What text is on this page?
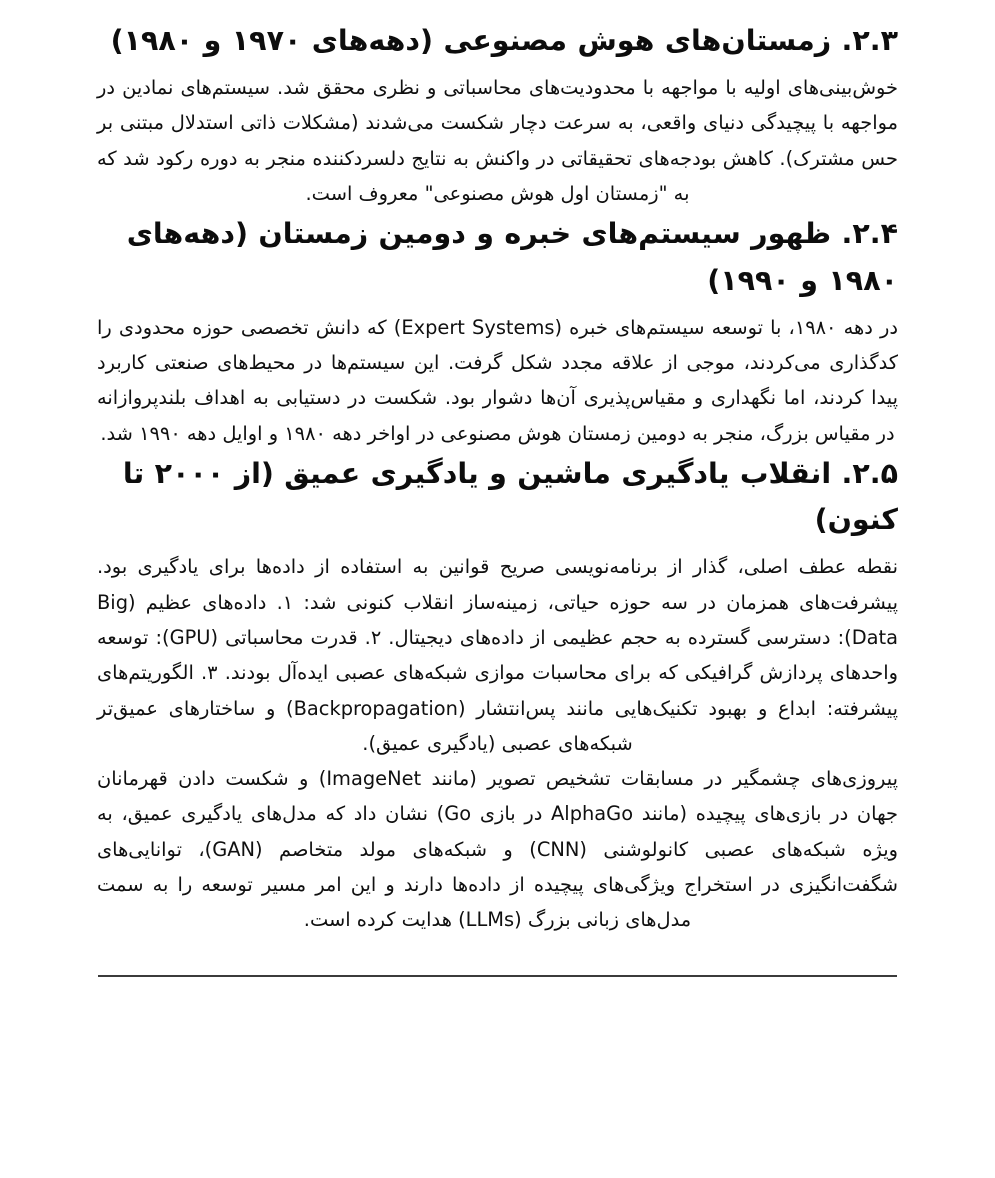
۲.۳. زمستان‌های هوش مصنوعی (دهه‌های ۱۹۷۰ و ۱۹۸۰)

خوش‌بینی‌های اولیه با مواجهه با محدودیت‌های محاسباتی و نظری محقق شد. سیستم‌های نمادین در مواجهه با پیچیدگی دنیای واقعی، به سرعت دچار شکست می‌شدند (مشکلات ذاتی استدلال مبتنی بر حس مشترک). کاهش بودجه‌های تحقیقاتی در واکنش به نتایج دلسردکننده منجر به دوره رکود شد که به "زمستان اول هوش مصنوعی" معروف است.

۲.۴. ظهور سیستم‌های خبره و دومین زمستان (دهه‌های ۱۹۸۰ و ۱۹۹۰)

در دهه ۱۹۸۰، با توسعه سیستم‌های خبره (Expert Systems) که دانش تخصصی حوزه محدودی را کدگذاری می‌کردند، موجی از علاقه مجدد شکل گرفت. این سیستم‌ها در محیط‌های صنعتی کاربرد پیدا کردند، اما نگهداری و مقیاس‌پذیری آن‌ها دشوار بود. شکست در دستیابی به اهداف بلندپروازانه در مقیاس بزرگ، منجر به دومین زمستان هوش مصنوعی در اواخر دهه ۱۹۸۰ و اوایل دهه ۱۹۹۰ شد.

۲.۵. انقلاب یادگیری ماشین و یادگیری عمیق (از ۲۰۰۰ تا کنون)

نقطه عطف اصلی، گذار از برنامه‌نویسی صریح قوانین به استفاده از داده‌ها برای یادگیری بود. پیشرفت‌های همزمان در سه حوزه حیاتی، زمینه‌ساز انقلاب کنونی شد: ۱. داده‌های عظیم (Big Data): دسترسی گسترده به حجم عظیمی از داده‌های دیجیتال. ۲. قدرت محاسباتی (GPU): توسعه واحدهای پردازش گرافیکی که برای محاسبات موازی شبکه‌های عصبی ایده‌آل بودند. ۳. الگوریتم‌های پیشرفته: ابداع و بهبود تکنیک‌هایی مانند پس‌انتشار (Backpropagation) و ساختارهای عمیق‌تر شبکه‌های عصبی (یادگیری عمیق).

پیروزی‌های چشمگیر در مسابقات تشخیص تصویر (مانند ImageNet) و شکست دادن قهرمانان جهان در بازی‌های پیچیده (مانند AlphaGo در بازی Go) نشان داد که مدل‌های یادگیری عمیق، به ویژه شبکه‌های عصبی کانولوشنی (CNN) و شبکه‌های مولد متخاصم (GAN)، توانایی‌های شگفت‌انگیزی در استخراج ویژگی‌های پیچیده از داده‌ها دارند و این امر مسیر توسعه را به سمت مدل‌های زبانی بزرگ (LLMs) هدایت کرده است.
